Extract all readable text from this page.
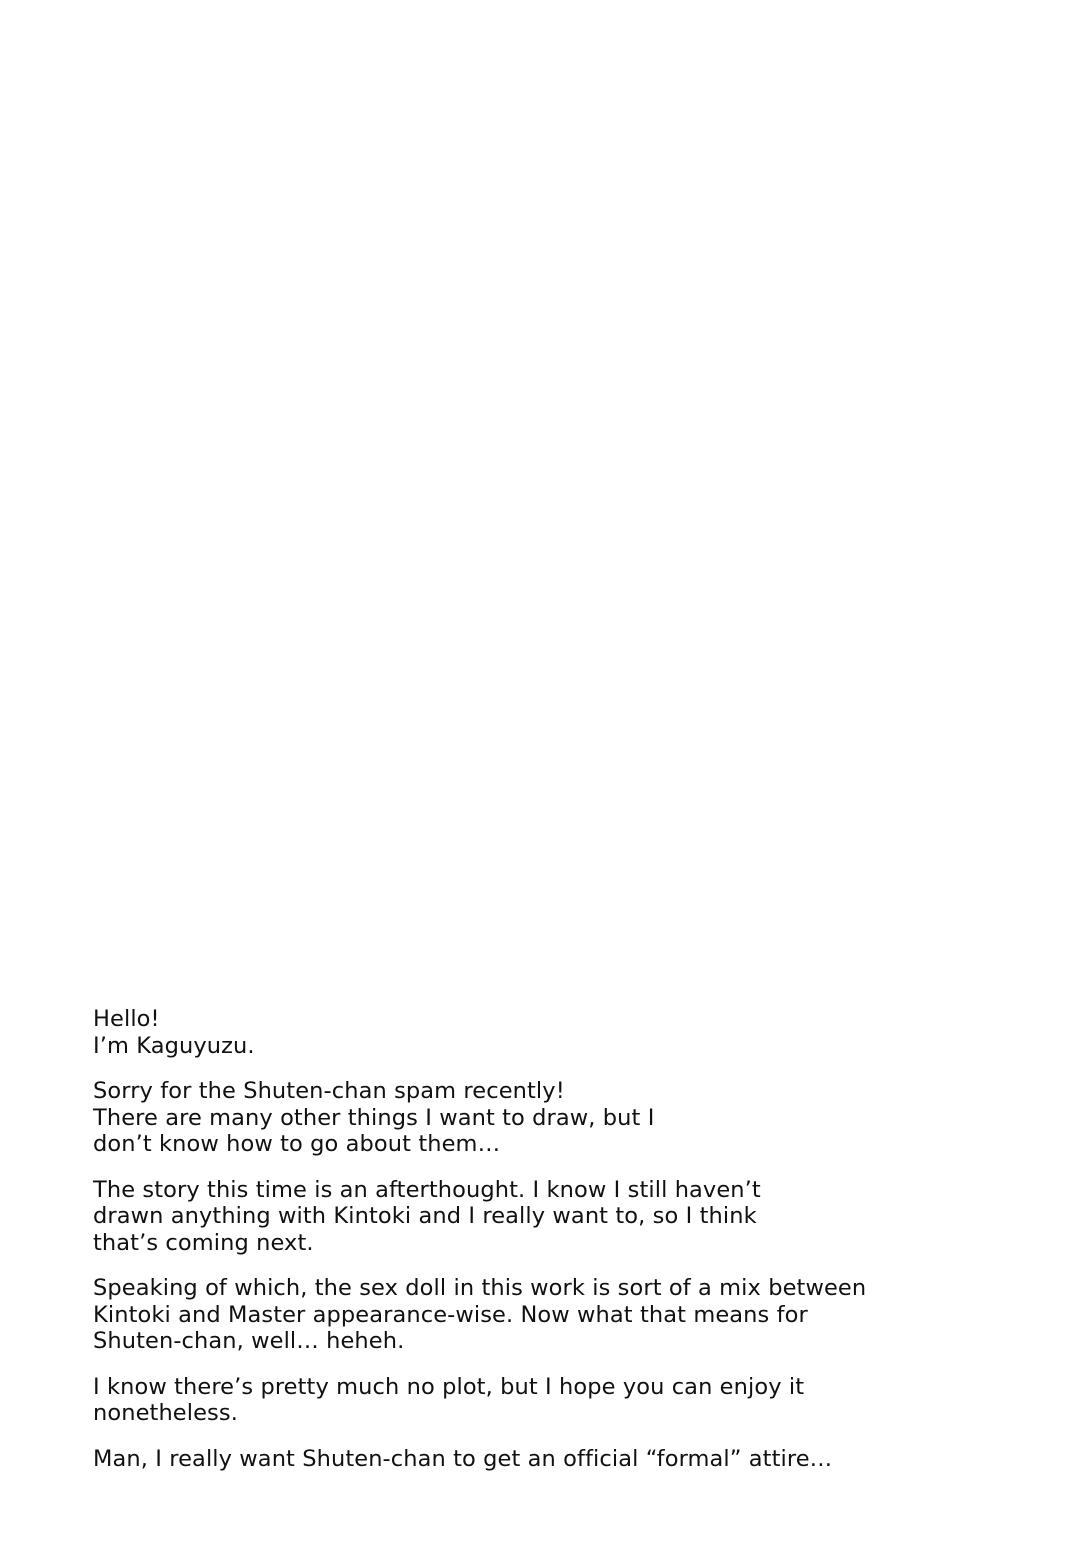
Hello!
I’m Kaguyuzu.

Sorry for the Shuten-chan spam recently!
There are many other things I want to draw, but I
don’t know how to go about them…

The story this time is an afterthought. I know I still haven’t
drawn anything with Kintoki and I really want to, so I think
that’s coming next.

Speaking of which, the sex doll in this work is sort of a mix between
Kintoki and Master appearance-wise. Now what that means for
Shuten-chan, well… heheh.

I know there’s pretty much no plot, but I hope you can enjoy it
nonetheless.

Man, I really want Shuten-chan to get an official “formal” attire…
